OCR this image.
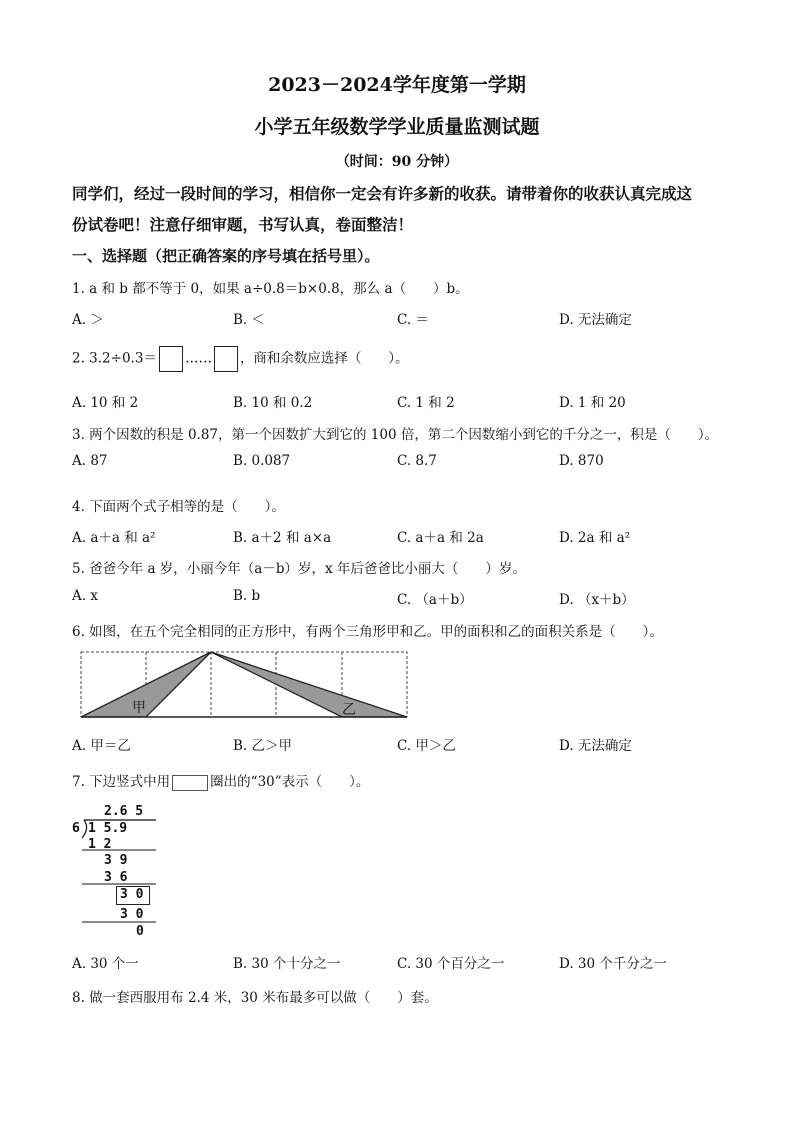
2023－2024学年度第一学期
小学五年级数学学业质量监测试题
（时间：90 分钟）
同学们，经过一段时间的学习，相信你一定会有许多新的收获。请带着你的收获认真完成这
份试卷吧！注意仔细审题，书写认真，卷面整洁！
一、选择题（把正确答案的序号填在括号里）。
1. a 和 b 都不等于 0，如果 a÷0.8＝b×0.8，那么 a（　　）b。
A. ＞	B. ＜	C. ＝	D. 无法确定
2. 3.2÷0.3＝ …… ，商和余数应选择（　　）。
A. 10 和 2	B. 10 和 0.2	C. 1 和 2	D. 1 和 20
3. 两个因数的积是 0.87，第一个因数扩大到它的 100 倍，第二个因数缩小到它的千分之一，积是（　　）。
A. 87	B. 0.087	C. 8.7	D. 870
4. 下面两个式子相等的是（　　）。
A. a＋a 和 a²	B. a＋2 和 a×a	C. a＋a 和 2a	D. 2a 和 a²
5. 爸爸今年 a 岁，小丽今年（a－b）岁，x 年后爸爸比小丽大（　　）岁。
A. x	B. b	C. （a＋b）	D. （x＋b）
6. 如图，在五个完全相同的正方形中，有两个三角形甲和乙。甲的面积和乙的面积关系是（　　）。
甲	乙
A. 甲＝乙	B. 乙＞甲	C. 甲＞乙	D. 无法确定
7. 下边竖式中用	圈出的“30”表示（　　）。
2.6 5
6 1 5.9
1 2
3 9
3 6
3 0
3 0
0
A. 30 个一	B. 30 个十分之一	C. 30 个百分之一	D. 30 个千分之一
8. 做一套西服用布 2.4 米，30 米布最多可以做（　　）套。
